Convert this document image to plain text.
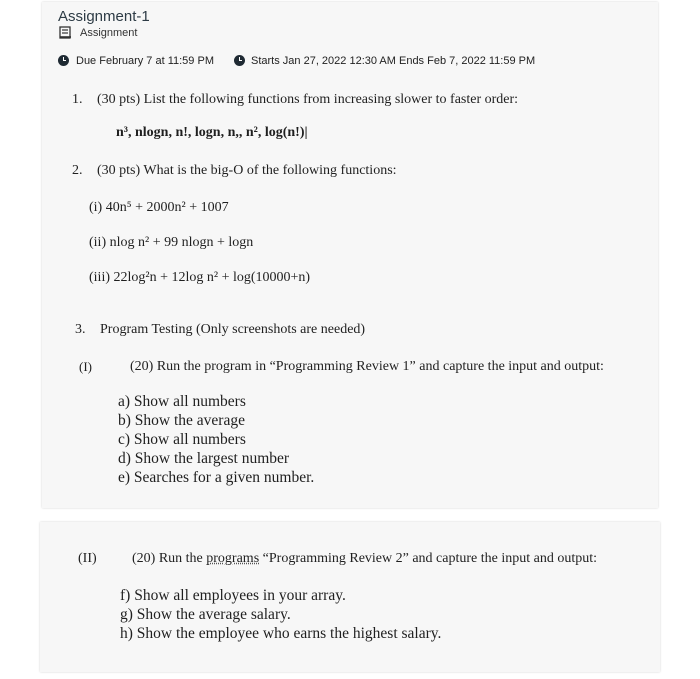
Assignment-1
Assignment
Due February 7 at 11:59 PM	Starts Jan 27, 2022 12:30 AM Ends Feb 7, 2022 11:59 PM
1. (30 pts) List the following functions from increasing slower to faster order:
n³, nlogn, n!, logn, n,, n², log(n!)|
2. (30 pts) What is the big-O of the following functions:
(i) 40n⁵ + 2000n² + 1007
(ii) nlog n² + 99 nlogn + logn
(iii) 22log²n + 12log n² + log(10000+n)
3. Program Testing (Only screenshots are needed)
(I)	(20) Run the program in “Programming Review 1” and capture the input and output:
a) Show all numbers
b) Show the average
c) Show all numbers
d) Show the largest number
e) Searches for a given number.
(II)	(20) Run the programs “Programming Review 2” and capture the input and output:
f) Show all employees in your array.
g) Show the average salary.
h) Show the employee who earns the highest salary.
